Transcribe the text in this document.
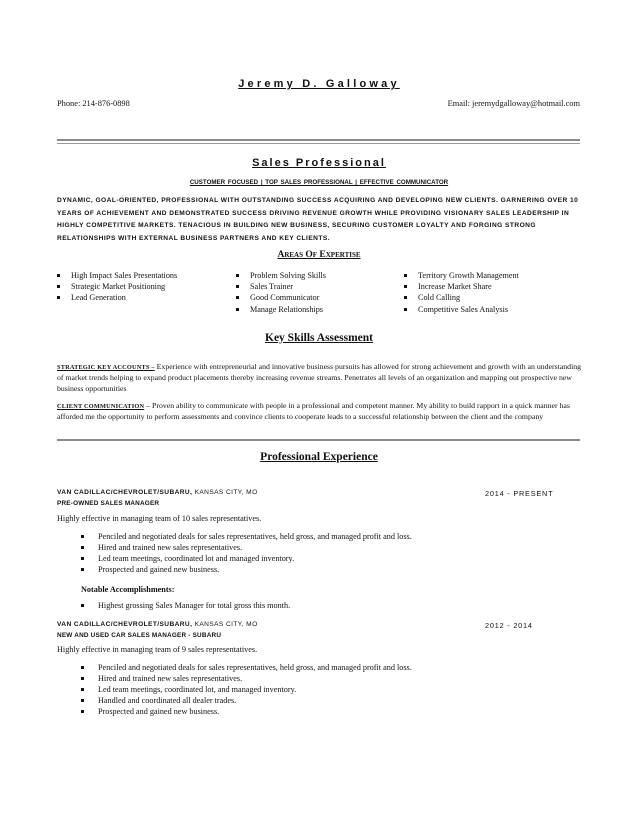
Jeremy D. Galloway
Phone: 214-876-0898	Email: jeremydgalloway@hotmail.com
Sales Professional
CUSTOMER FOCUSED | TOP SALES PROFESSIONAL | EFFECTIVE COMMUNICATOR
DYNAMIC, GOAL-ORIENTED, PROFESSIONAL WITH OUTSTANDING SUCCESS ACQUIRING AND DEVELOPING NEW CLIENTS. GARNERING OVER 10 YEARS OF ACHIEVEMENT AND DEMONSTRATED SUCCESS DRIVING REVENUE GROWTH WHILE PROVIDING VISIONARY SALES LEADERSHIP IN HIGHLY COMPETITIVE MARKETS. TENACIOUS IN BUILDING NEW BUSINESS, SECURING CUSTOMER LOYALTY AND FORGING STRONG RELATIONSHIPS WITH EXTERNAL BUSINESS PARTNERS AND KEY CLIENTS.
Areas Of Expertise
High Impact Sales Presentations
Strategic Market Positioning
Lead Generation
Problem Solving Skills
Sales Trainer
Good Communicator
Manage Relationships
Territory Growth Management
Increase Market Share
Cold Calling
Competitive Sales Analysis
Key Skills Assessment
STRATEGIC KEY ACCOUNTS – Experience with entrepreneurial and innovative business pursuits has allowed for strong achievement and growth with an understanding of market trends helping to expand product placements thereby increasing revenue streams. Penetrates all levels of an organization and mapping out prospective new business opportunities
CLIENT COMMUNICATION – Proven ability to communicate with people in a professional and competent manner. My ability to build rapport in a quick manner has afforded me the opportunity to perform assessments and convince clients to cooperate leads to a successful relationship between the client and the company
Professional Experience
VAN CADILLAC/CHEVROLET/SUBARU, KANSAS CITY, MO	2014 - PRESENT
PRE-OWNED SALES MANAGER
Highly effective in managing team of 10 sales representatives.
Penciled and negotiated deals for sales representatives, held gross, and managed profit and loss.
Hired and trained new sales representatives.
Led team meetings, coordinated lot and managed inventory.
Prospected and gained new business.
Notable Accomplishments:
Highest grossing Sales Manager for total gross this month.
VAN CADILLAC/CHEVROLET/SUBARU, KANSAS CITY, MO	2012 - 2014
NEW AND USED CAR SALES MANAGER - SUBARU
Highly effective in managing team of 9 sales representatives.
Penciled and negotiated deals for sales representatives, held gross, and managed profit and loss.
Hired and trained new sales representatives.
Led team meetings, coordinated lot, and managed inventory.
Handled and coordinated all dealer trades.
Prospected and gained new business.
